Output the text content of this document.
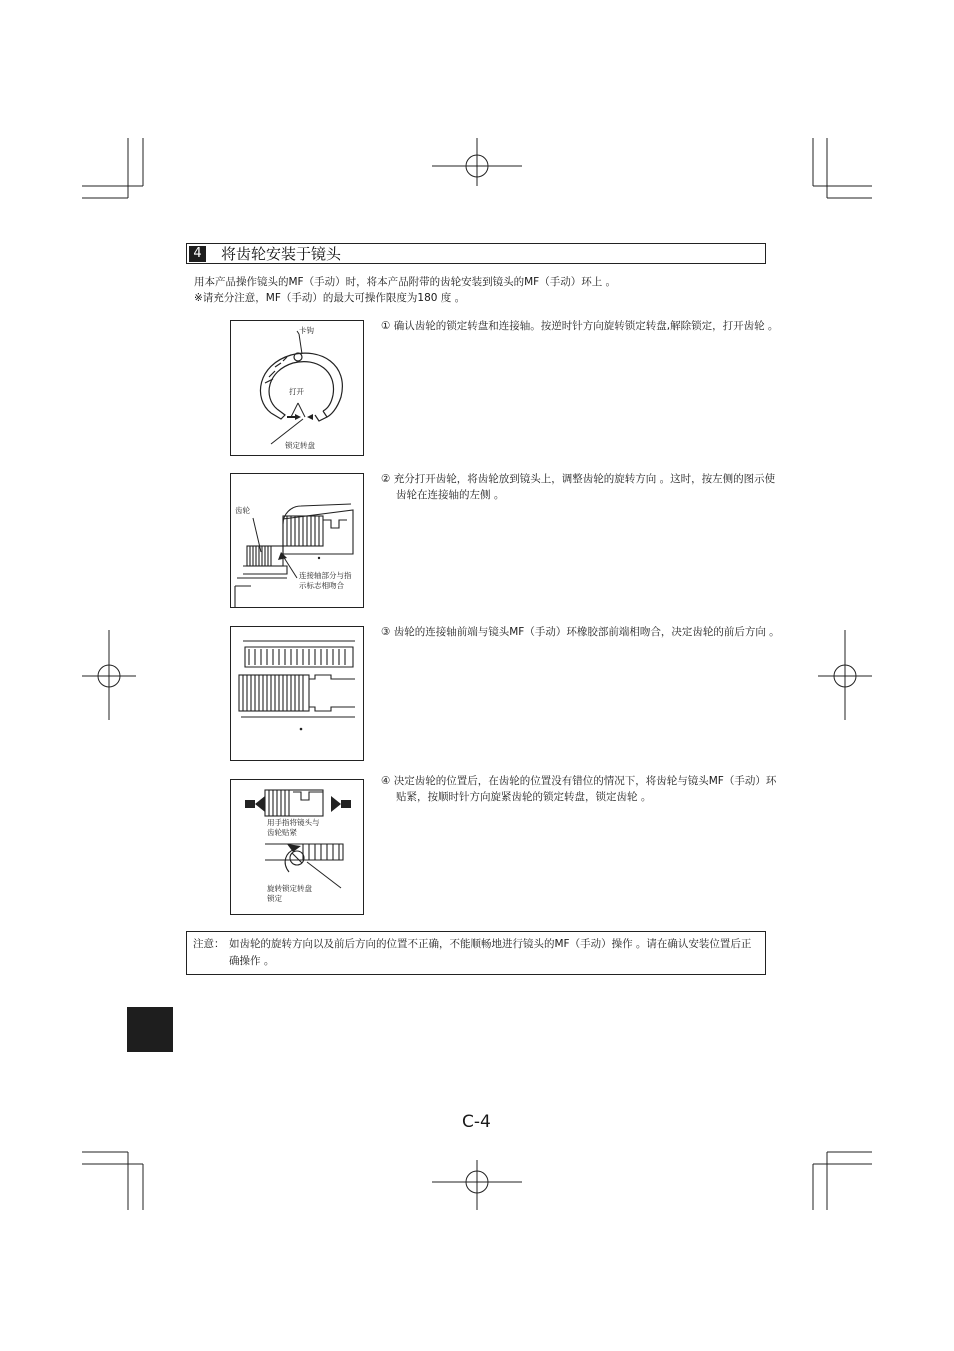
4 将齿轮安装于镜头
用本产品操作镜头的MF（手动）时，将本产品附带的齿轮安装到镜头的MF（手动）环上 。
※请充分注意，MF（手动）的最大可操作限度为180 度 。
卡钩
打开
锁定转盘
齿轮
连接轴部分与指
示标志相吻合
用手指将镜头与
齿轮贴紧
旋转锁定转盘
锁定
① 确认齿轮的锁定转盘和连接轴。按逆时针方向旋转锁定转盘,解除锁定，打开齿轮 。
② 充分打开齿轮，将齿轮放到镜头上，调整齿轮的旋转方向 。这时，按左侧的图示使齿轮在连接轴的左侧 。
③ 齿轮的连接轴前端与镜头MF（手动）环橡胶部前端相吻合，决定齿轮的前后方向 。
④ 决定齿轮的位置后，在齿轮的位置没有错位的情况下，将齿轮与镜头MF（手动）环贴紧，按顺时针方向旋紧齿轮的锁定转盘，锁定齿轮 。
注意： 如齿轮的旋转方向以及前后方向的位置不正确，不能顺畅地进行镜头的MF（手动）操作 。请在确认安装位置后正确操作 。
C-4
